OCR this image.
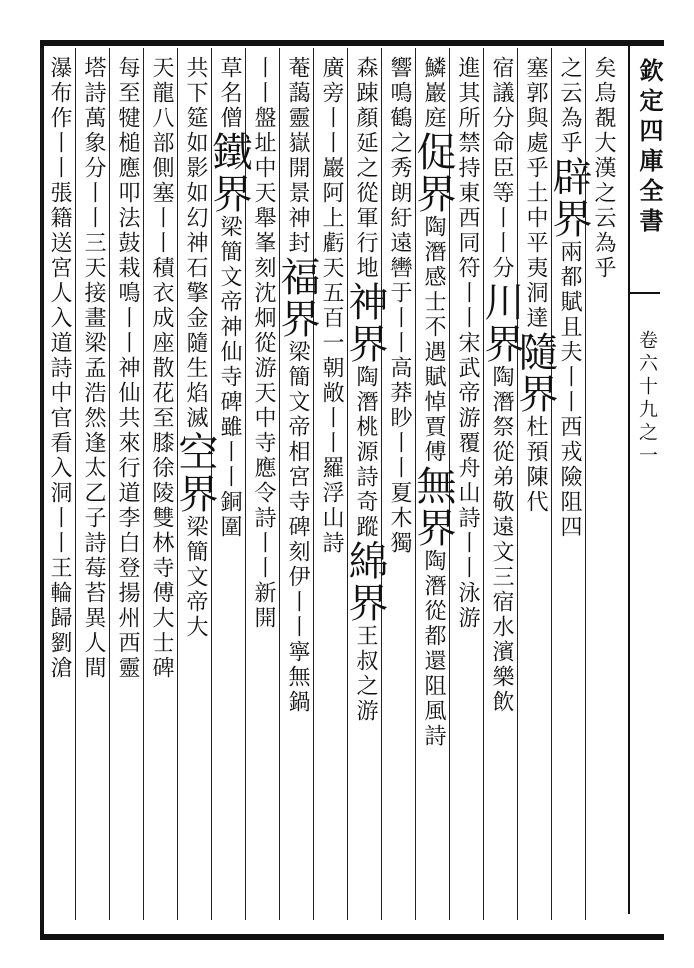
欽定四庫全書
卷六十九之一
矣烏覩大漢之云為乎
之云為乎辟界兩都賦且夫丨丨西戎險阻四
塞郭與處乎土中平夷洞達隨界杜預陳代
宿議分命臣等丨丨分川界陶潛祭從弟敬遠文三宿水濱樂飲
進其所禁持東西同符丨丨宋武帝游覆舟山詩丨丨泳游
鱗巖庭促界陶潛感士不遇賦悼賈傅無界陶潛從都還阻風詩
響鳴鶴之秀朗紆遠轡于丨丨高莽眇丨丨夏木獨
森踈顏延之從軍行地神界陶潛桃源詩奇蹤綿界王叔之游
廣旁丨丨巖阿上虧天五百一朝敞丨丨羅浮山詩
菴藹靈嶽開景神封福界梁簡文帝相宮寺碑刻伊丨丨寧無鍋
丨丨盤址中天舉峯刻沈炯從游天中寺應令詩丨丨新開
草名僧鐵界梁簡文帝神仙寺碑雖丨丨銅圍
共下筵如影如幻神石擎金隨生焰滅空界梁簡文帝大
天龍八部側塞丨丨積衣成座散花至膝徐陵雙林寺傅大士碑
每至犍槌應叩法鼓栽鳴丨丨神仙共來行道李白登揚州西靈
塔詩萬象分丨丨三天接畫梁孟浩然逢太乙子詩莓苔異人間
瀑布作丨丨張籍送宮人入道詩中官看入洞丨丨王輪歸劉滄
